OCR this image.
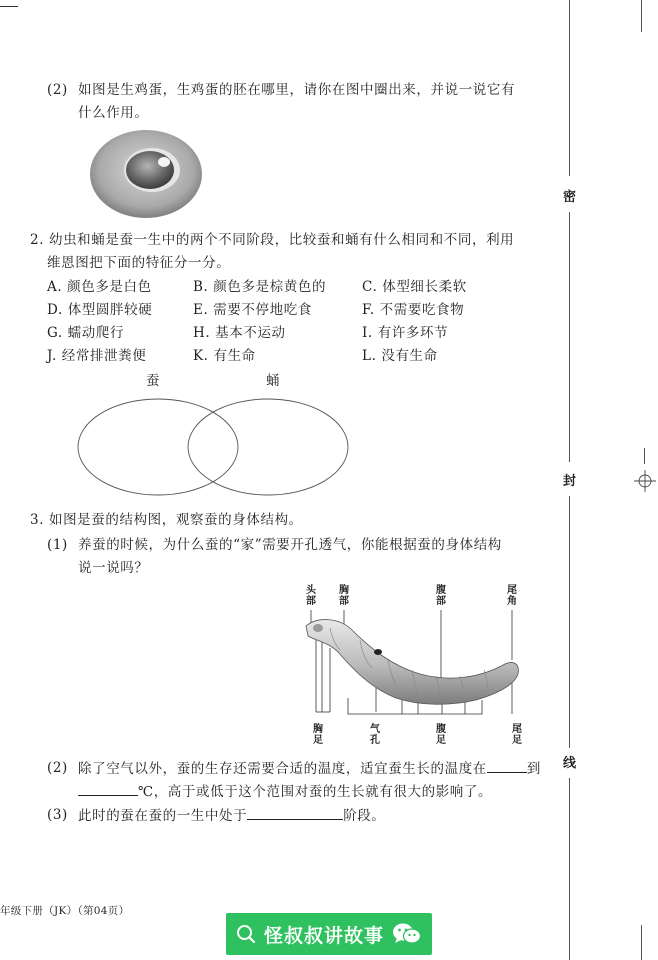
(2) 如图是生鸡蛋，生鸡蛋的胚在哪里，请你在图中圈出来，并说一说它有
什么作用。
2. 幼虫和蛹是蚕一生中的两个不同阶段，比较蚕和蛹有什么相同和不同，利用
维恩图把下面的特征分一分。
A. 颜色多是白色	B. 颜色多是棕黄色的	C. 体型细长柔软
D. 体型圆胖较硬	E. 需要不停地吃食	F. 不需要吃食物
G. 蠕动爬行	H. 基本不运动	I. 有许多环节
J. 经常排泄粪便	K. 有生命	L. 没有生命
蚕	蛹
3. 如图是蚕的结构图，观察蚕的身体结构。
(1) 养蚕的时候，为什么蚕的“家”需要开孔透气，你能根据蚕的身体结构
说一说吗？
头部
胸部
腹部
尾角
胸足
气孔
腹足
尾足
(2) 除了空气以外，蚕的生存还需要合适的温度，适宜蚕生长的温度在	到
℃，高于或低于这个范围对蚕的生长就有很大的影响了。
(3) 此时的蚕在蚕的一生中处于	阶段。
年级下册（JK）（第04页）
怪叔叔讲故事
密
封
线
